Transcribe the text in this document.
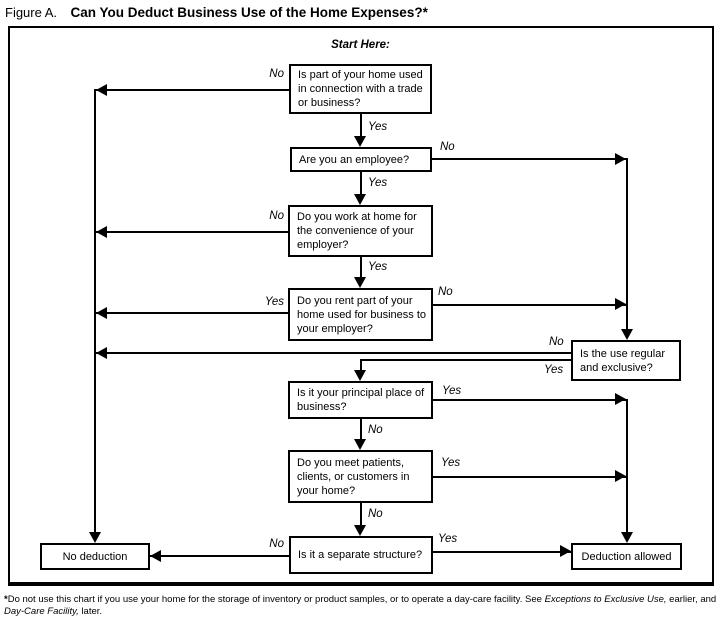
Figure A. Can You Deduct Business Use of the Home Expenses?*
Start Here:
Is part of your home used in connection with a trade or business?
Are you an employee?
Do you work at home for the convenience of your employer?
Do you rent part of your home used for business to your employer?
Is the use regular and exclusive?
Is it your principal place of business?
Do you meet patients, clients, or customers in your home?
Is it a separate structure?
No deduction	Deduction allowed
No
Yes
No
Yes
No
Yes
Yes
No
No
Yes
Yes
No
Yes
No
No	Yes
*Do not use this chart if you use your home for the storage of inventory or product samples, or to operate a day-care facility. See Exceptions to Exclusive Use, earlier, and Day-Care Facility, later.
